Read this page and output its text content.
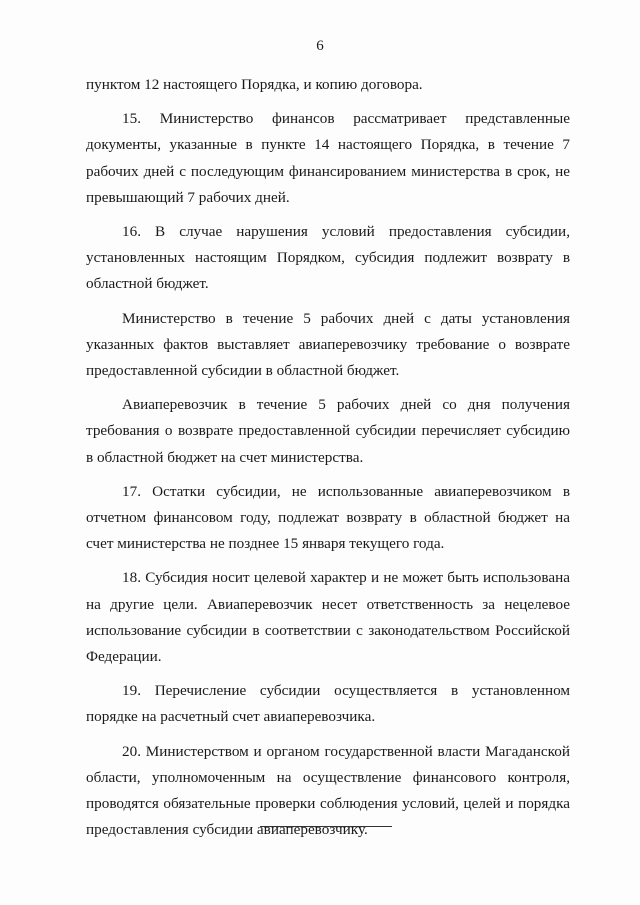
6

пунктом 12 настоящего Порядка, и копию договора.

15. Министерство финансов рассматривает представленные документы, указанные в пункте 14 настоящего Порядка, в течение 7 рабочих дней с последующим финансированием министерства в срок, не превышающий 7 рабочих дней.

16. В случае нарушения условий предоставления субсидии, установленных настоящим Порядком, субсидия подлежит возврату в областной бюджет.

Министерство в течение 5 рабочих дней с даты установления указанных фактов выставляет авиаперевозчику требование о возврате предоставленной субсидии в областной бюджет.

Авиаперевозчик в течение 5 рабочих дней со дня получения требования о возврате предоставленной субсидии перечисляет субсидию в областной бюджет на счет министерства.

17. Остатки субсидии, не использованные авиаперевозчиком в отчетном финансовом году, подлежат возврату в областной бюджет на счет министерства не позднее 15 января текущего года.

18. Субсидия носит целевой характер и не может быть использована на другие цели. Авиаперевозчик несет ответственность за нецелевое использование субсидии в соответствии с законодательством Российской Федерации.

19. Перечисление субсидии осуществляется в установленном порядке на расчетный счет авиаперевозчика.

20. Министерством и органом государственной власти Магаданской области, уполномоченным на осуществление финансового контроля, проводятся обязательные проверки соблюдения условий, целей и порядка предоставления субсидии авиаперевозчику.
